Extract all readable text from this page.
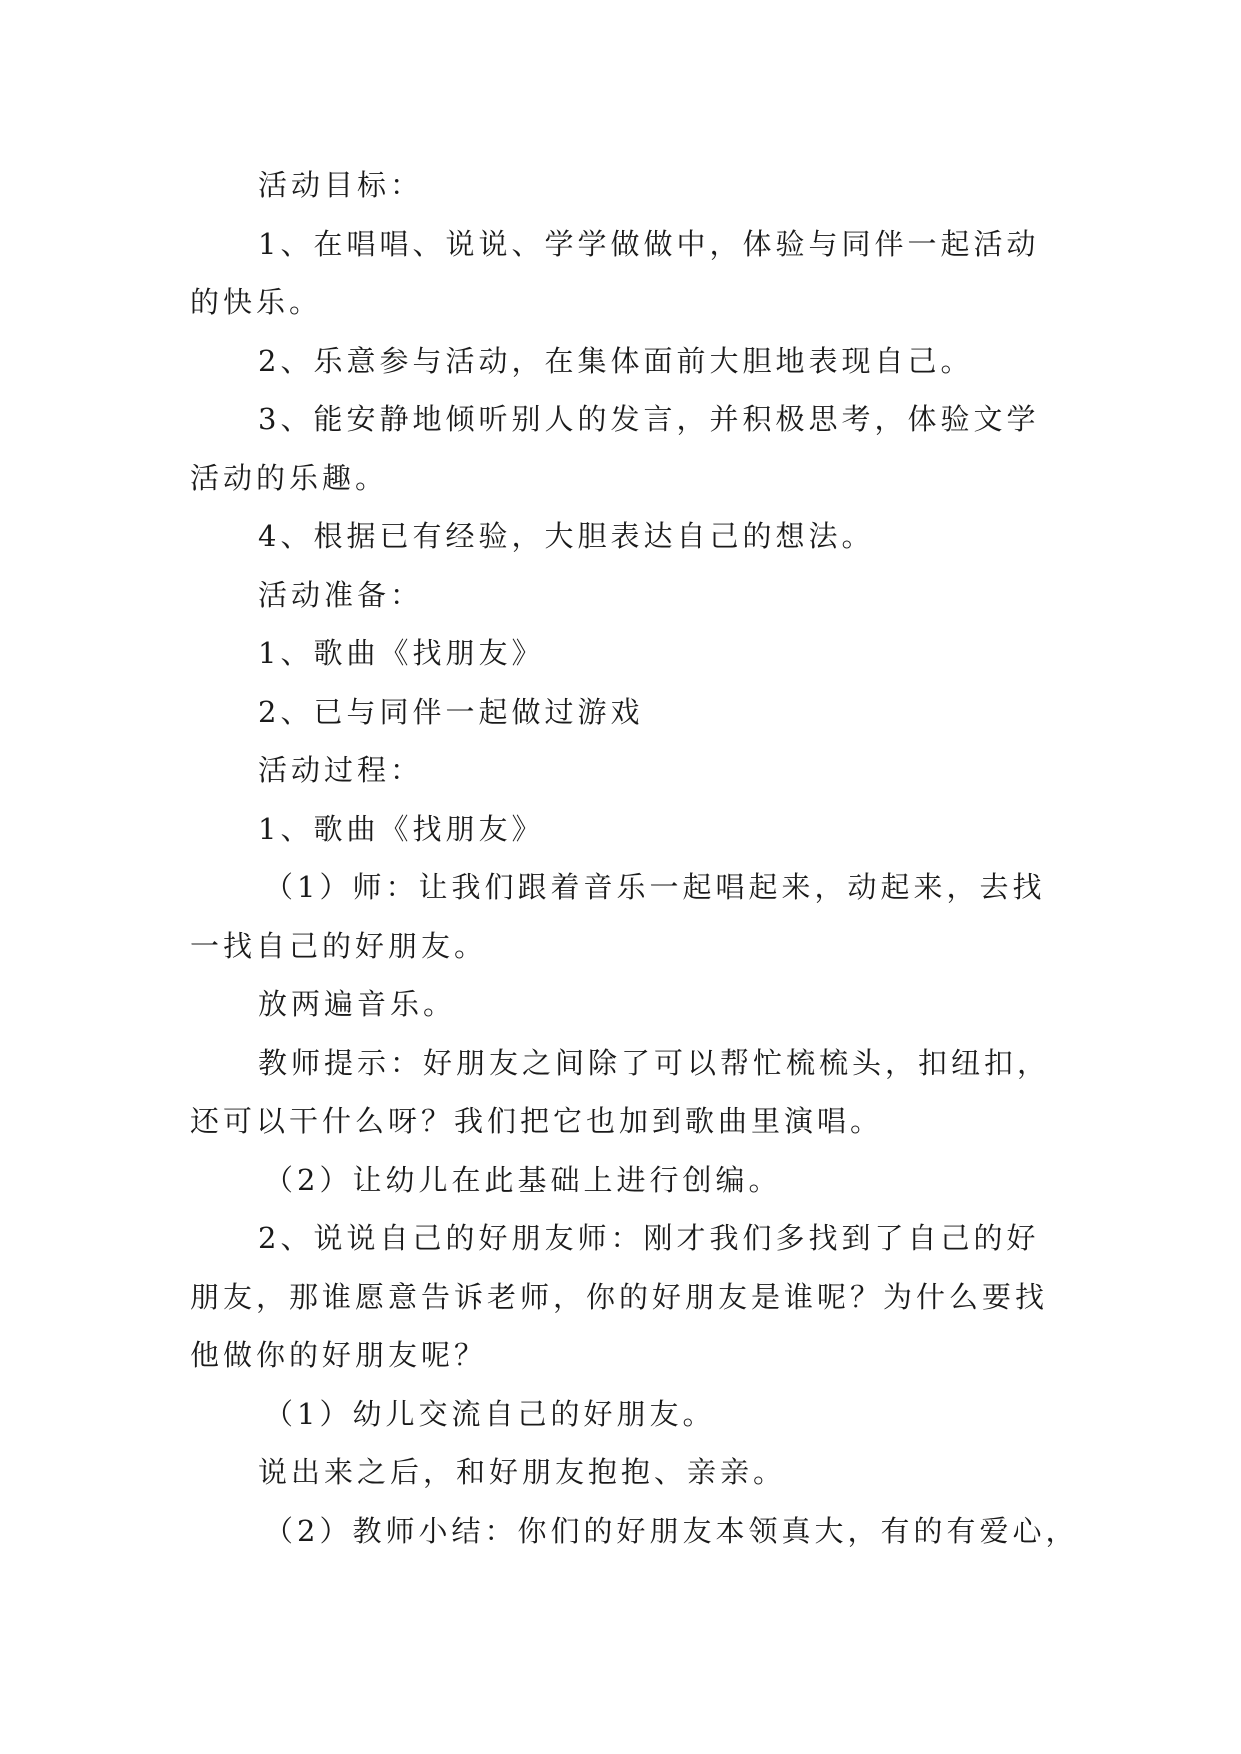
活动目标：
1、在唱唱、说说、学学做做中，体验与同伴一起活动
的快乐。
2、乐意参与活动，在集体面前大胆地表现自己。
3、能安静地倾听别人的发言，并积极思考，体验文学
活动的乐趣。
4、根据已有经验，大胆表达自己的想法。
活动准备：
1、歌曲《找朋友》
2、已与同伴一起做过游戏
活动过程：
1、歌曲《找朋友》
（1）师：让我们跟着音乐一起唱起来，动起来，去找
一找自己的好朋友。
放两遍音乐。
教师提示：好朋友之间除了可以帮忙梳梳头，扣纽扣，
还可以干什么呀？我们把它也加到歌曲里演唱。
（2）让幼儿在此基础上进行创编。
2、说说自己的好朋友师：刚才我们多找到了自己的好
朋友，那谁愿意告诉老师，你的好朋友是谁呢？为什么要找
他做你的好朋友呢？
（1）幼儿交流自己的好朋友。
说出来之后，和好朋友抱抱、亲亲。
（2）教师小结：你们的好朋友本领真大，有的有爱心，
